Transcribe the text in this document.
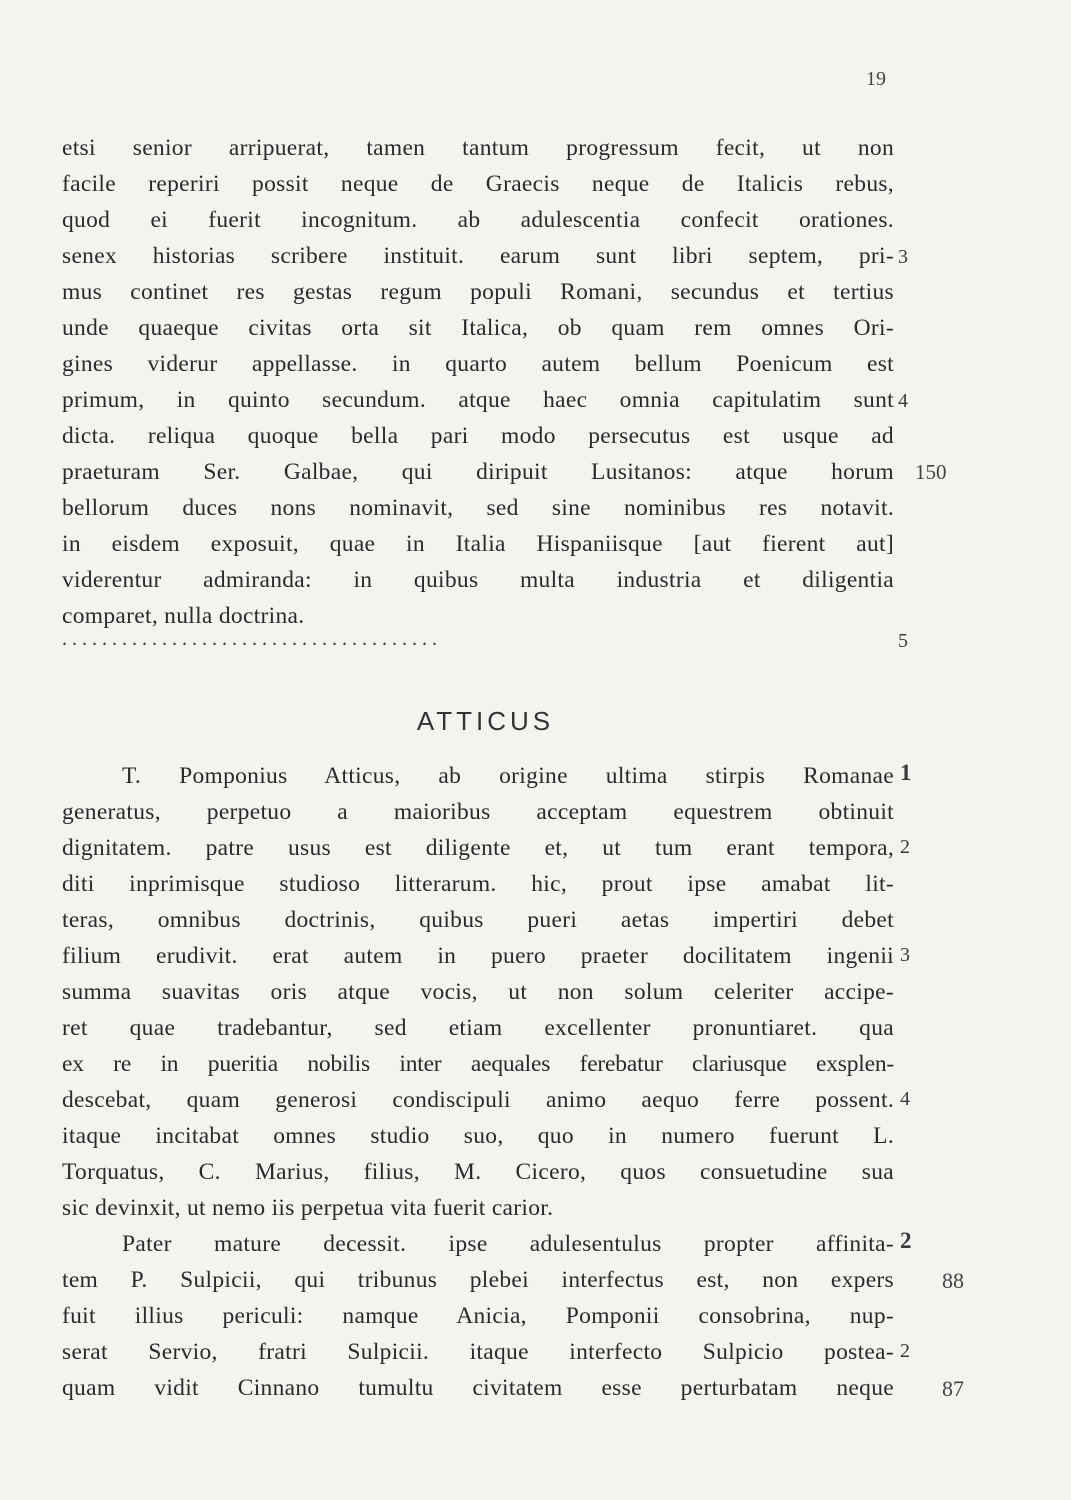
19
etsi senior arripuerat, tamen tantum progressum fecit, ut non
facile reperiri possit neque de Graecis neque de Italicis rebus,
quod ei fuerit incognitum. ab adulescentia confecit orationes.
senex historias scribere instituit. earum sunt libri septem, pri-
mus continet res gestas regum populi Romani, secundus et tertius
unde quaeque civitas orta sit Italica, ob quam rem omnes Ori-
gines viderur appellasse. in quarto autem bellum Poenicum est
primum, in quinto secundum. atque haec omnia capitulatim sunt
dicta. reliqua quoque bella pari modo persecutus est usque ad
praeturam Ser. Galbae, qui diripuit Lusitanos: atque horum
bellorum duces nons nominavit, sed sine nominibus res notavit.
in eisdem exposuit, quae in Italia Hispaniisque [aut fierent aut]
viderentur admiranda: in quibus multa industria et diligentia
comparet, nulla doctrina.
3
4
150
. . . . . . . . . . . . . . . . . . . . . . . . . . . . . . . . . . . . . .	5
ATTICUS
T. Pomponius Atticus, ab origine ultima stirpis Romanae
generatus, perpetuo a maioribus acceptam equestrem obtinuit
dignitatem. patre usus est diligente et, ut tum erant tempora,
diti inprimisque studioso litterarum. hic, prout ipse amabat lit-
teras, omnibus doctrinis, quibus pueri aetas impertiri debet
filium erudivit. erat autem in puero praeter docilitatem ingenii
summa suavitas oris atque vocis, ut non solum celeriter accipe-
ret quae tradebantur, sed etiam excellenter pronuntiaret. qua
ex re in pueritia nobilis inter aequales ferebatur clariusque exsplen-
descebat, quam generosi condiscipuli animo aequo ferre possent.
itaque incitabat omnes studio suo, quo in numero fuerunt L.
Torquatus, C. Marius, filius, M. Cicero, quos consuetudine sua
sic devinxit, ut nemo iis perpetua vita fuerit carior.
1
2
3
4
Pater mature decessit. ipse adulesentulus propter affinita-
tem P. Sulpicii, qui tribunus plebei interfectus est, non expers
fuit illius periculi: namque Anicia, Pomponii consobrina, nup-
serat Servio, fratri Sulpicii. itaque interfecto Sulpicio postea-
quam vidit Cinnano tumultu civitatem esse perturbatam neque
2
2
88
87
